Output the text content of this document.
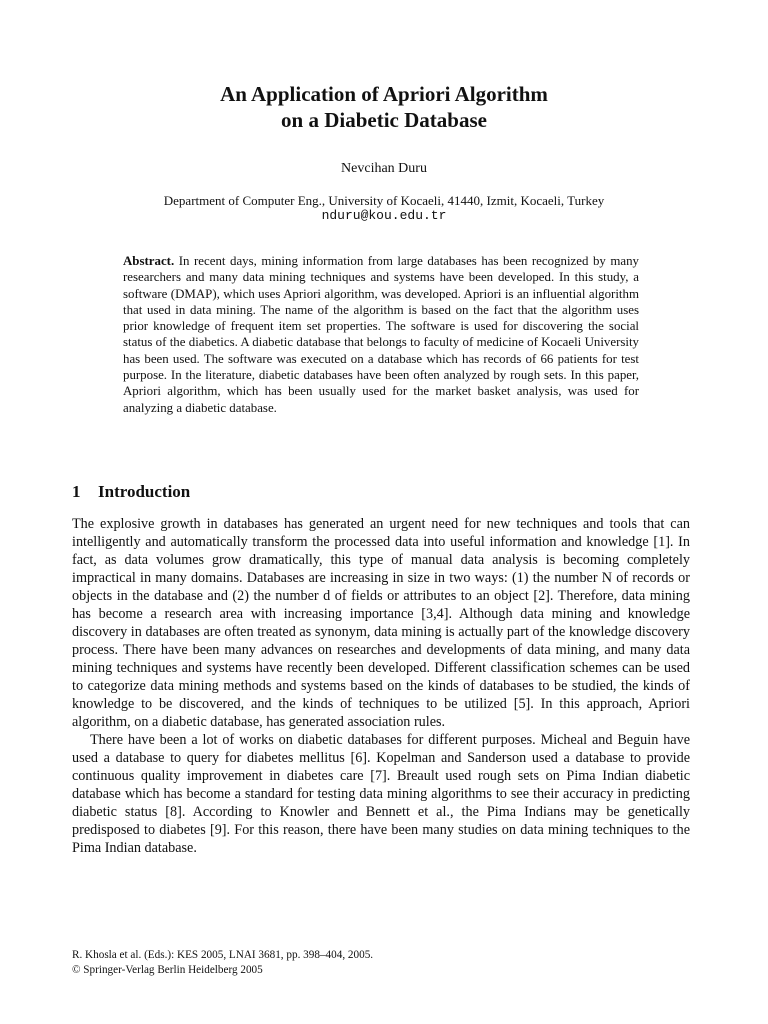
An Application of Apriori Algorithm
on a Diabetic Database
Nevcihan Duru
Department of Computer Eng., University of Kocaeli, 41440, Izmit, Kocaeli, Turkey
nduru@kou.edu.tr
Abstract. In recent days, mining information from large databases has been recognized by many researchers and many data mining techniques and systems have been developed. In this study, a software (DMAP), which uses Apriori algorithm, was developed. Apriori is an influential algorithm that used in data mining. The name of the algorithm is based on the fact that the algorithm uses prior knowledge of frequent item set properties. The software is used for discovering the social status of the diabetics. A diabetic database that belongs to faculty of medicine of Kocaeli University has been used. The software was executed on a database which has records of 66 patients for test purpose. In the literature, diabetic databases have been often analyzed by rough sets. In this paper, Apriori algorithm, which has been usually used for the market basket analysis, was used for analyzing a diabetic database.
1 Introduction

The explosive growth in databases has generated an urgent need for new techniques and tools that can intelligently and automatically transform the processed data into useful information and knowledge [1]. In fact, as data volumes grow dramatically, this type of manual data analysis is becoming completely impractical in many domains. Databases are increasing in size in two ways: (1) the number N of records or objects in the database and (2) the number d of fields or attributes to an object [2]. Therefore, data mining has become a research area with increasing importance [3,4]. Although data mining and knowledge discovery in databases are often treated as synonym, data mining is actually part of the knowledge discovery process. There have been many advances on researches and developments of data mining, and many data mining techniques and systems have recently been developed. Different classification schemes can be used to categorize data mining methods and systems based on the kinds of databases to be studied, the kinds of knowledge to be discovered, and the kinds of techniques to be utilized [5]. In this approach, Apriori algorithm, on a diabetic database, has generated association rules.

There have been a lot of works on diabetic databases for different purposes. Micheal and Beguin have used a database to query for diabetes mellitus [6]. Kopelman and Sanderson used a database to provide continuous quality improvement in diabetes care [7]. Breault used rough sets on Pima Indian diabetic database which has become a standard for testing data mining algorithms to see their accuracy in predicting diabetic status [8]. According to Knowler and Bennett et al., the Pima Indians may be genetically predisposed to diabetes [9]. For this reason, there have been many studies on data mining techniques to the Pima Indian database.

R. Khosla et al. (Eds.): KES 2005, LNAI 3681, pp. 398–404, 2005.
© Springer-Verlag Berlin Heidelberg 2005
